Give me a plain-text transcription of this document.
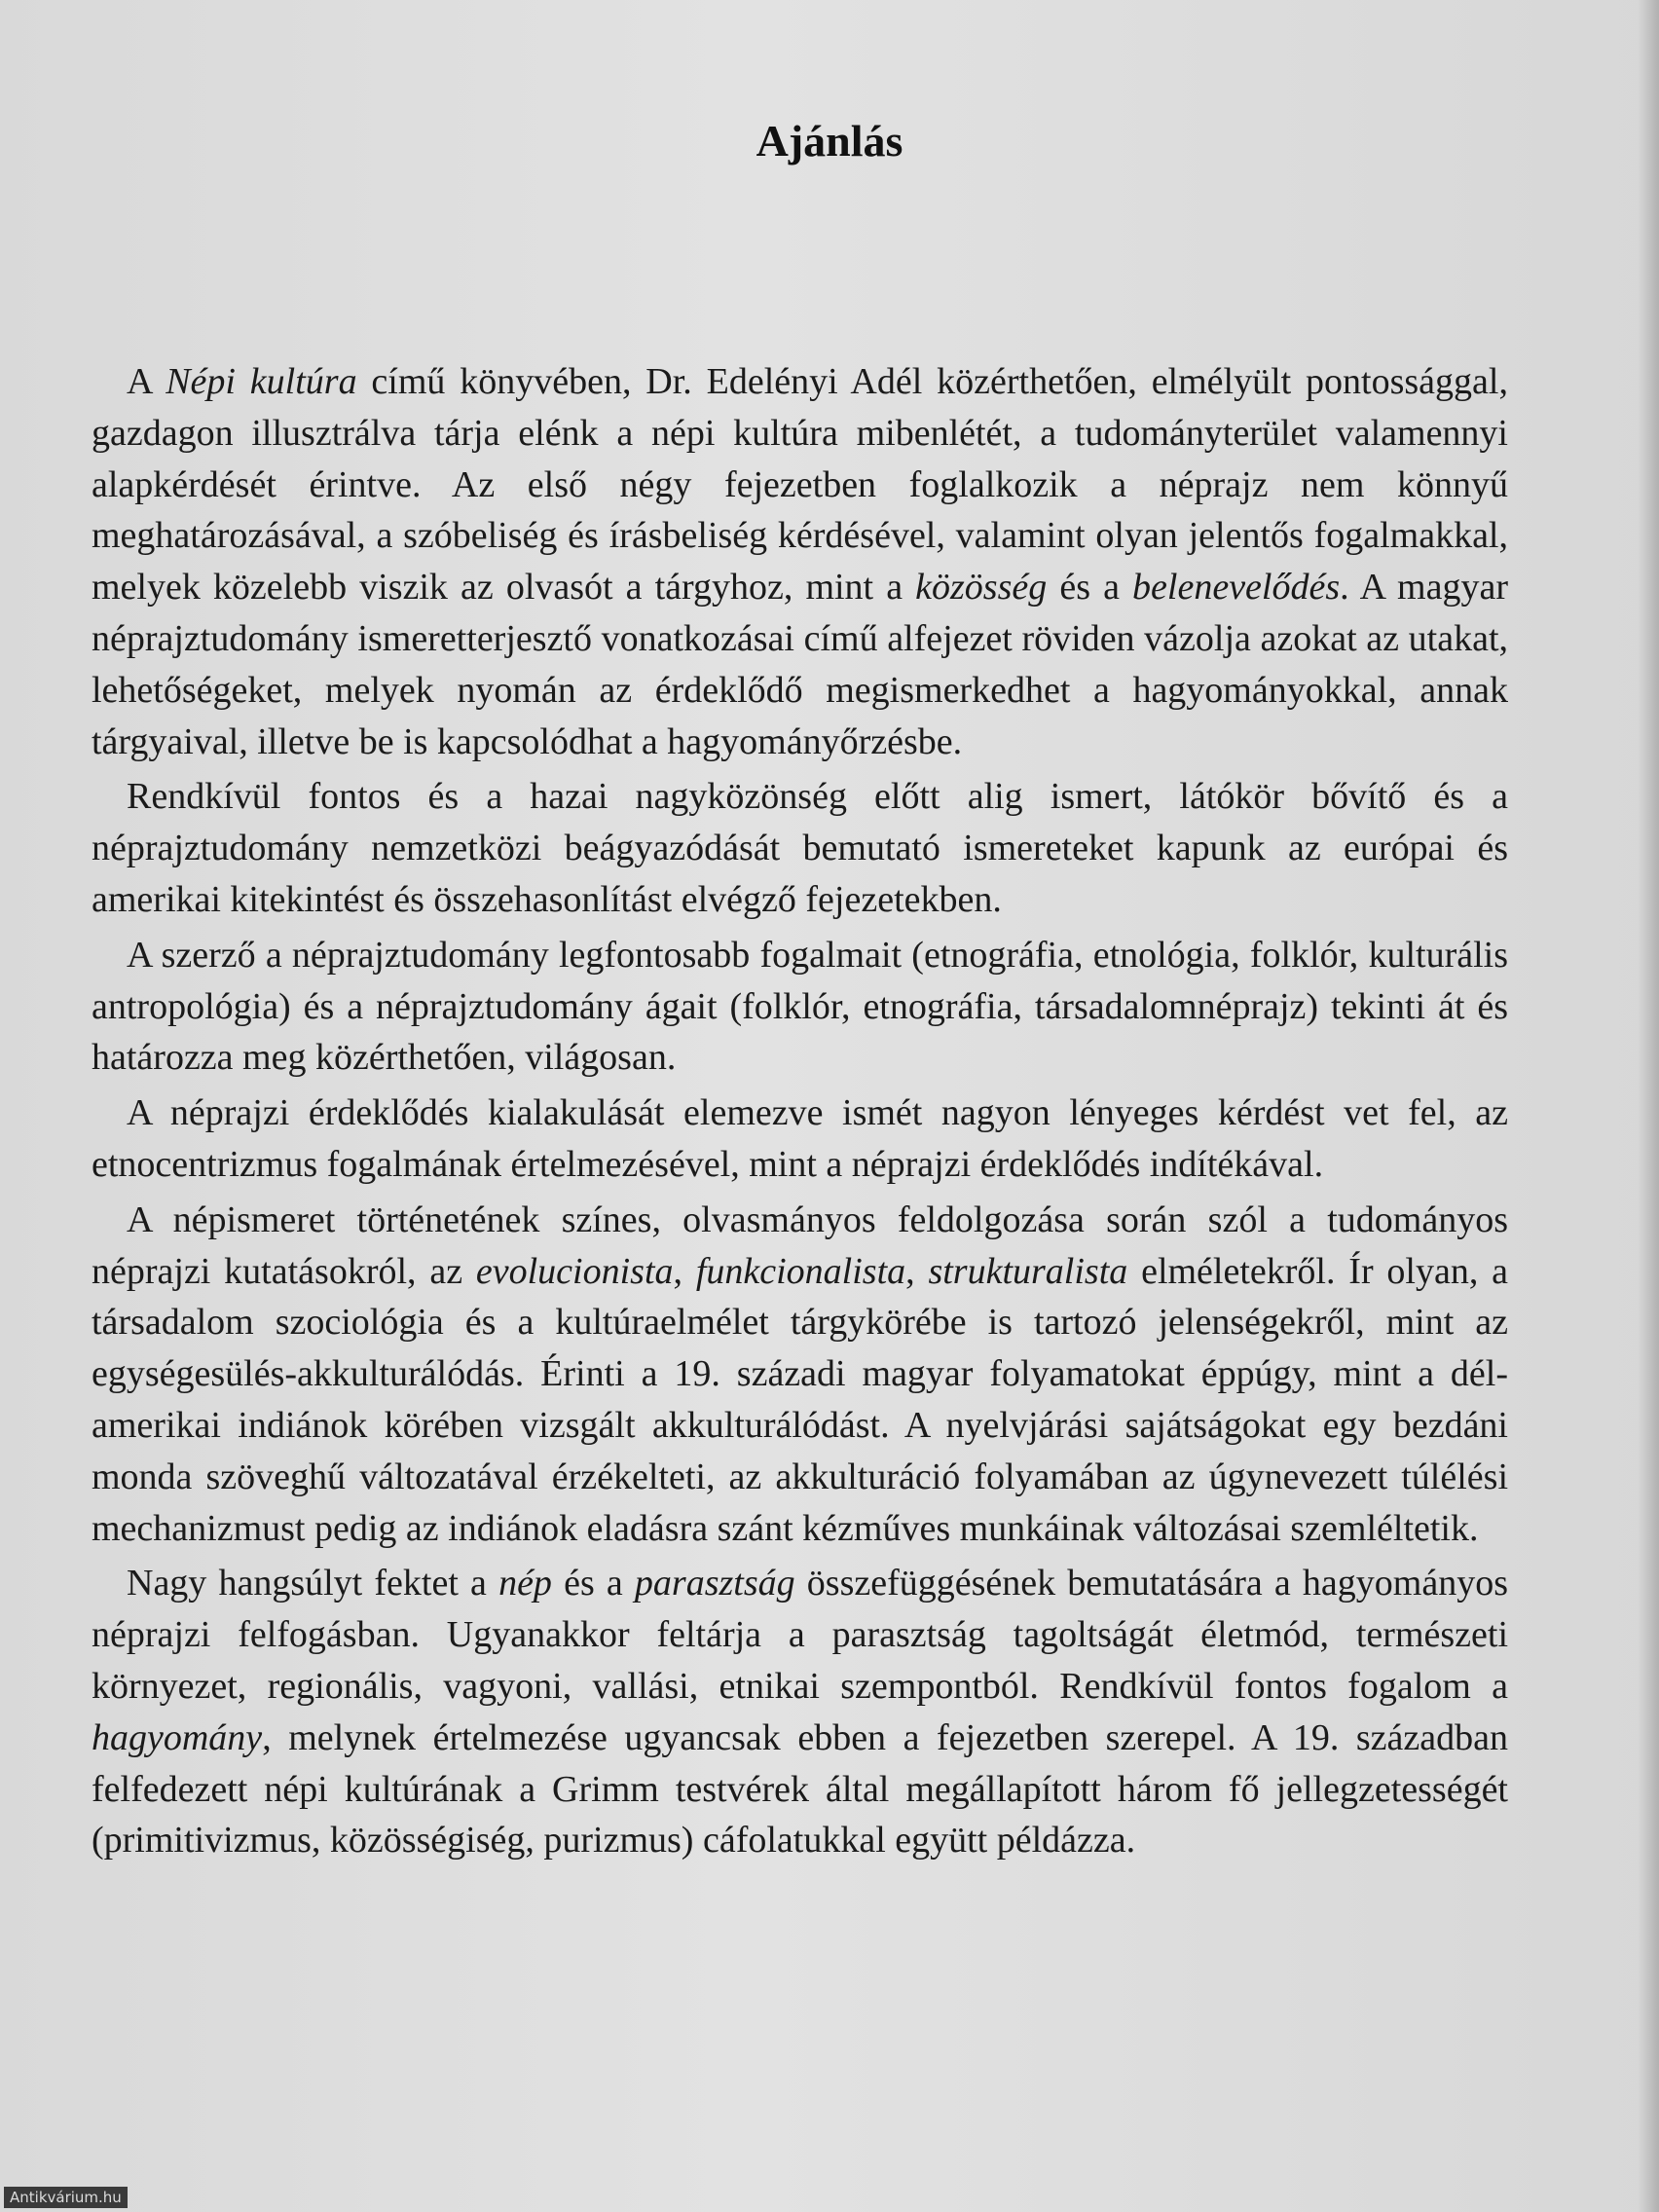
Ajánlás

A Népi kultúra című könyvében, Dr. Edelényi Adél közérthetően, elmélyült pontossággal, gazdagon illusztrálva tárja elénk a népi kultúra mibenlétét, a tudományterület valamennyi alapkérdését érintve. Az első négy fejezetben foglalkozik a néprajz nem könnyű meghatározásával, a szóbeliség és írásbeliség kérdésével, valamint olyan jelentős fogalmakkal, melyek közelebb viszik az olvasót a tárgyhoz, mint a közösség és a belenevelődés. A magyar néprajztudomány ismeretterjesztő vonatkozásai című alfejezet röviden vázolja azokat az utakat, lehetőségeket, melyek nyomán az érdeklődő megismerkedhet a hagyományokkal, annak tárgyaival, illetve be is kapcsolódhat a hagyományőrzésbe.

Rendkívül fontos és a hazai nagyközönség előtt alig ismert, látókör bővítő és a néprajztudomány nemzetközi beágyazódását bemutató ismereteket kapunk az európai és amerikai kitekintést és összehasonlítást elvégző fejezetekben.

A szerző a néprajztudomány legfontosabb fogalmait (etnográfia, etnológia, folklór, kulturális antropológia) és a néprajztudomány ágait (folklór, etnográfia, társadalomnéprajz) tekinti át és határozza meg közérthetően, világosan.

A néprajzi érdeklődés kialakulását elemezve ismét nagyon lényeges kérdést vet fel, az etnocentrizmus fogalmának értelmezésével, mint a néprajzi érdeklődés indítékával.

A népismeret történetének színes, olvasmányos feldolgozása során szól a tudományos néprajzi kutatásokról, az evolucionista, funkcionalista, strukturalista elméletekről. Ír olyan, a társadalom szociológia és a kultúraelmélet tárgykörébe is tartozó jelenségekről, mint az egységesülés-akkulturálódás. Érinti a 19. századi magyar folyamatokat éppúgy, mint a dél-amerikai indiánok körében vizsgált akkulturálódást. A nyelvjárási sajátságokat egy bezdáni monda szöveghű változatával érzékelteti, az akkulturáció folyamában az úgynevezett túlélési mechanizmust pedig az indiánok eladásra szánt kézműves munkáinak változásai szemléltetik.

Nagy hangsúlyt fektet a nép és a parasztság összefüggésének bemutatására a hagyományos néprajzi felfogásban. Ugyanakkor feltárja a parasztság tagoltságát életmód, természeti környezet, regionális, vagyoni, vallási, etnikai szempontból. Rendkívül fontos fogalom a hagyomány, melynek értelmezése ugyancsak ebben a fejezetben szerepel. A 19. században felfedezett népi kultúrának a Grimm testvérek által megállapított három fő jellegzetességét (primitivizmus, közösségiség, purizmus) cáfolatukkal együtt példázza.

Antikvárium.hu
